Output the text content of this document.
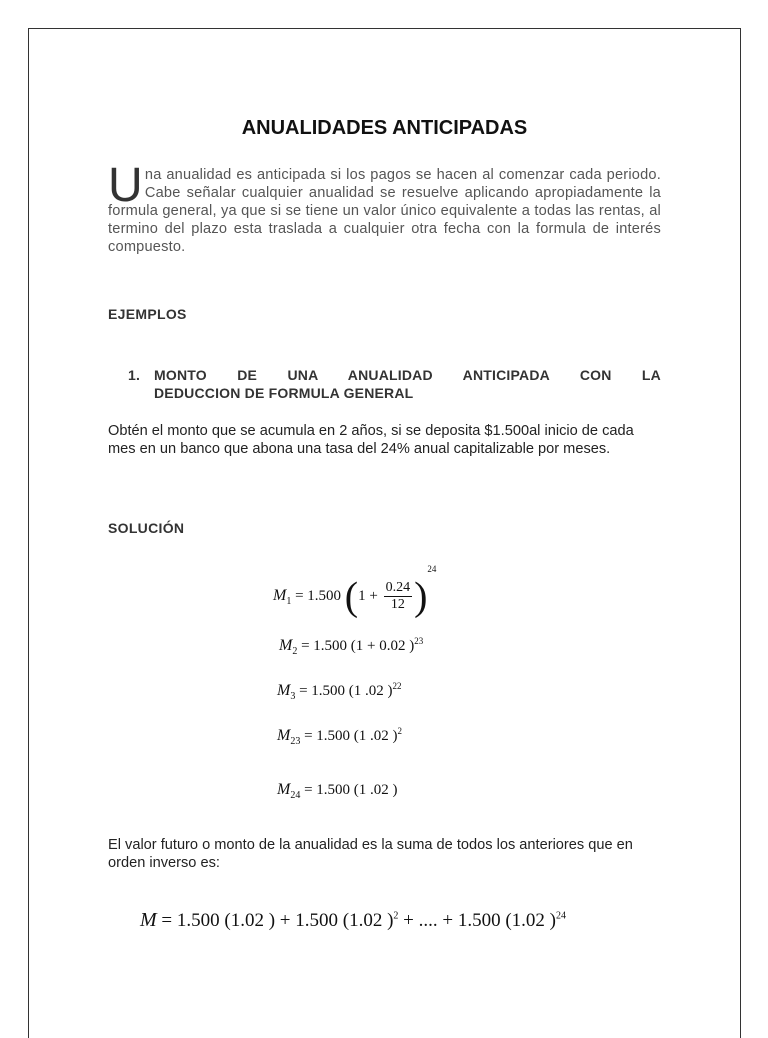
ANUALIDADES ANTICIPADAS
Una anualidad es anticipada si los pagos se hacen al comenzar cada periodo. Cabe señalar cualquier anualidad se resuelve aplicando apropiadamente la formula general, ya que si se tiene un valor único equivalente a todas las rentas, al termino del plazo esta traslada a cualquier otra fecha con la formula de interés compuesto.
EJEMPLOS
1. MONTO DE UNA ANUALIDAD ANTICIPADA CON LA
DEDUCCION DE FORMULA GENERAL
Obtén el monto que se acumula en 2 años, si se deposita $1.500al inicio de cada mes en un banco que abona una tasa del 24% anual capitalizable por meses.
SOLUCIÓN
$M_1 = 1.500$ $(1 + \frac{0.24}{12} )^{24}$
$M_2 = 1.500$ (1 + 0.02 )$^{23}$
$M_3 = 1.500$ (1 .02 )$^{22}$
$M_{23} = 1.500$ (1 .02 )$^2$
$M_{24} = 1.500$ (1 .02 )
El valor futuro o monto de la anualidad es la suma de todos los anteriores que en orden inverso es:
M = 1.500 (1.02 ) + 1.500 (1.02 )$^2$ + .... + 1.500 (1.02 )$^{24}$
